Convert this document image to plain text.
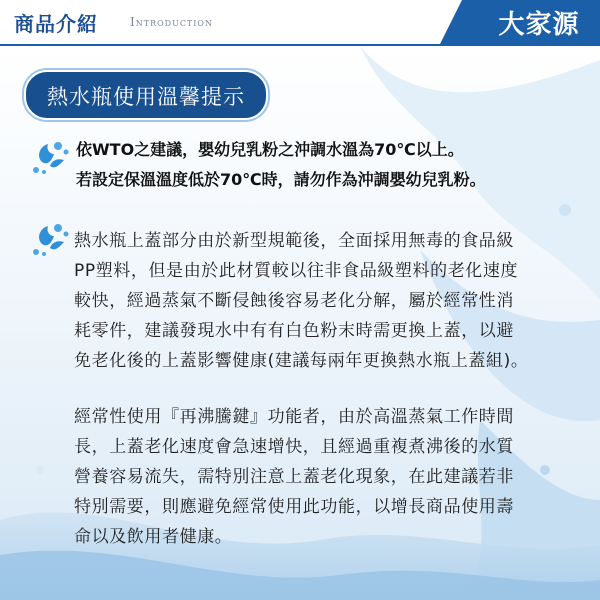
商品介紹	Introduction	大家源
熱水瓶使用溫馨提示
依WTO之建議，嬰幼兒乳粉之沖調水溫為70℃以上。
若設定保溫溫度低於70℃時，請勿作為沖調嬰幼兒乳粉。
熱水瓶上蓋部分由於新型規範後，全面採用無毒的食品級
PP塑料，但是由於此材質較以往非食品級塑料的老化速度
較快，經過蒸氣不斷侵蝕後容易老化分解，屬於經常性消
耗零件，建議發現水中有有白色粉末時需更換上蓋，以避
免老化後的上蓋影響健康(建議每兩年更換熱水瓶上蓋組)。
經常性使用『再沸騰鍵』功能者，由於高溫蒸氣工作時間
長，上蓋老化速度會急速增快，且經過重複煮沸後的水質
營養容易流失，需特別注意上蓋老化現象，在此建議若非
特別需要，則應避免經常使用此功能，以增長商品使用壽
命以及飲用者健康。
